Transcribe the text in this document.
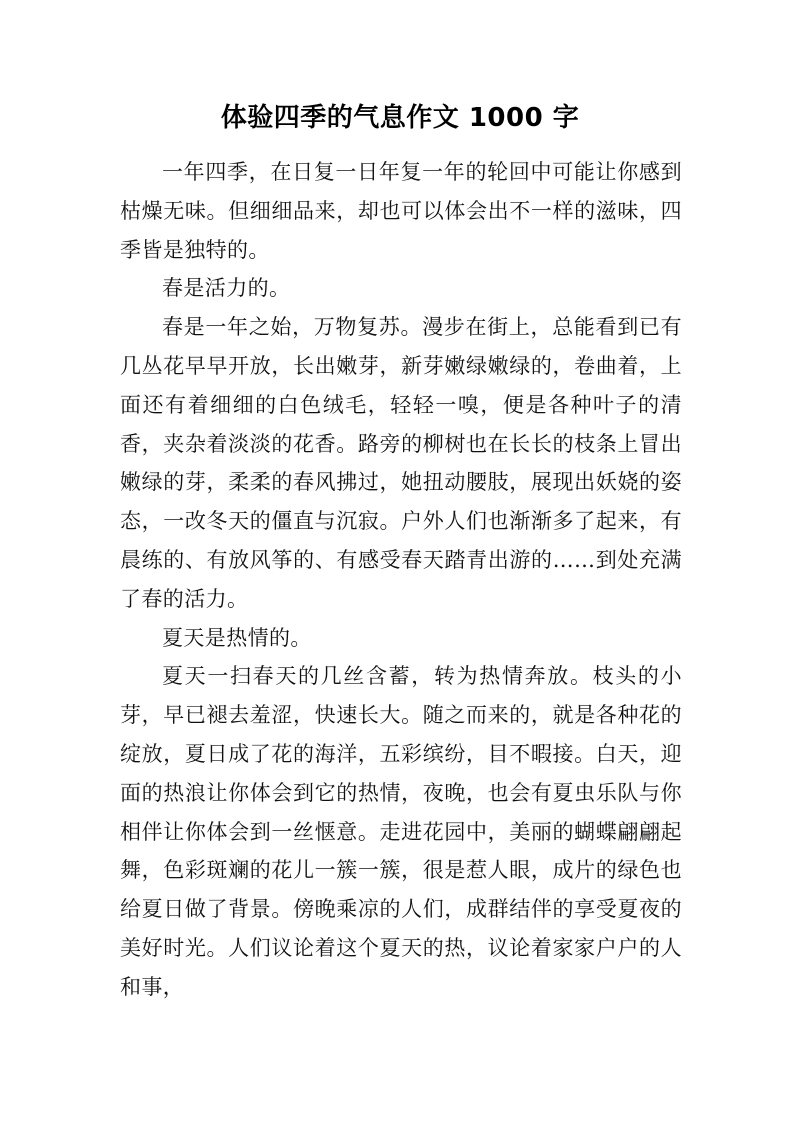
体验四季的气息作文 1000 字

一年四季，在日复一日年复一年的轮回中可能让你感到枯燥无味。但细细品来，却也可以体会出不一样的滋味，四季皆是独特的。

春是活力的。

春是一年之始，万物复苏。漫步在街上，总能看到已有几丛花早早开放，长出嫩芽，新芽嫩绿嫩绿的，卷曲着，上面还有着细细的白色绒毛，轻轻一嗅，便是各种叶子的清香，夹杂着淡淡的花香。路旁的柳树也在长长的枝条上冒出嫩绿的芽，柔柔的春风拂过，她扭动腰肢，展现出妖娆的姿态，一改冬天的僵直与沉寂。户外人们也渐渐多了起来，有晨练的、有放风筝的、有感受春天踏青出游的……到处充满了春的活力。

夏天是热情的。

夏天一扫春天的几丝含蓄，转为热情奔放。枝头的小芽，早已褪去羞涩，快速长大。随之而来的，就是各种花的绽放，夏日成了花的海洋，五彩缤纷，目不暇接。白天，迎面的热浪让你体会到它的热情，夜晚，也会有夏虫乐队与你相伴让你体会到一丝惬意。走进花园中，美丽的蝴蝶翩翩起舞，色彩斑斓的花儿一簇一簇，很是惹人眼，成片的绿色也给夏日做了背景。傍晚乘凉的人们，成群结伴的享受夏夜的美好时光。人们议论着这个夏天的热，议论着家家户户的人和事，
